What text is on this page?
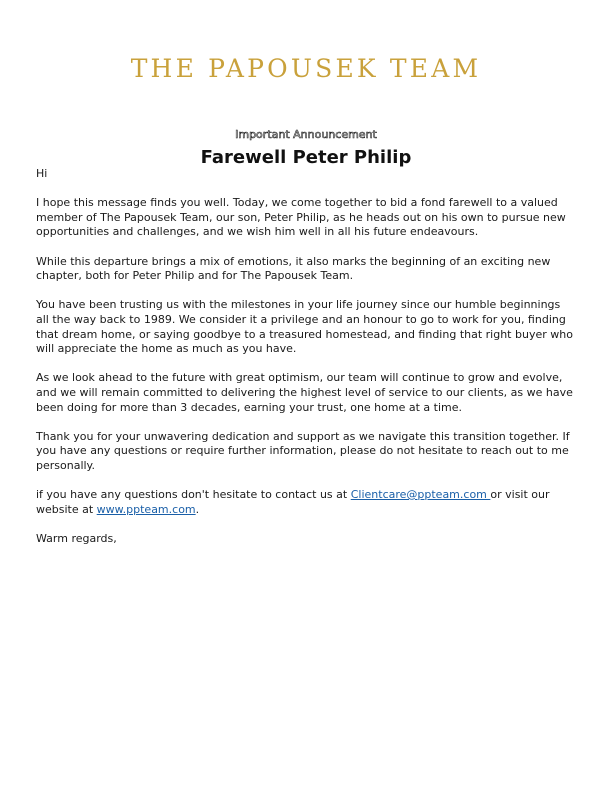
THE PAPOUSEK TEAM
Important Announcement
Farewell Peter Philip

Hi

I hope this message finds you well. Today, we come together to bid a fond farewell to a valued member of The Papousek Team, our son, Peter Philip, as he heads out on his own to pursue new opportunities and challenges, and we wish him well in all his future endeavours.

While this departure brings a mix of emotions, it also marks the beginning of an exciting new chapter, both for Peter Philip and for The Papousek Team.

You have been trusting us with the milestones in your life journey since our humble beginnings all the way back to 1989. We consider it a privilege and an honour to go to work for you, finding that dream home, or saying goodbye to a treasured homestead, and finding that right buyer who will appreciate the home as much as you have.

As we look ahead to the future with great optimism, our team will continue to grow and evolve, and we will remain committed to delivering the highest level of service to our clients, as we have been doing for more than 3 decades, earning your trust, one home at a time.

Thank you for your unwavering dedication and support as we navigate this transition together. If you have any questions or require further information, please do not hesitate to reach out to me personally.

if you have any questions don't hesitate to contact us at Clientcare@ppteam.com or visit our website at www.ppteam.com.

Warm regards,
